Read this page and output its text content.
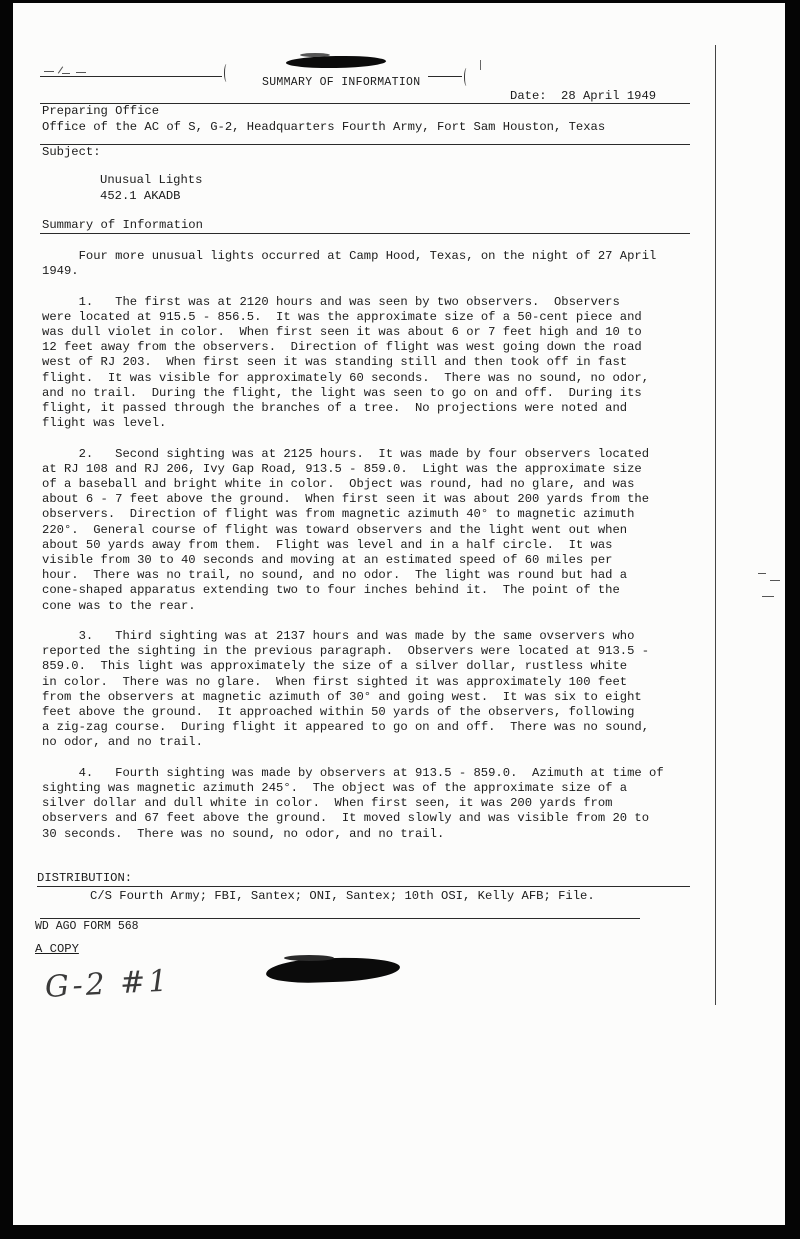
SUMMARY OF INFORMATION
Date: 28 April 1949
Preparing Office
Office of the AC of S, G-2, Headquarters Fourth Army, Fort Sam Houston, Texas
Subject:
Unusual Lights
452.1 AKADB
Summary of Information
Four more unusual lights occurred at Camp Hood, Texas, on the night of 27 April
1949.
1. The first was at 2120 hours and was seen by two observers.  Observers
were located at 915.5 - 856.5.  It was the approximate size of a 50-cent piece and
was dull violet in color.  When first seen it was about 6 or 7 feet high and 10 to
12 feet away from the observers.  Direction of flight was west going down the road
west of RJ 203.  When first seen it was standing still and then took off in fast
flight.  It was visible for approximately 60 seconds.  There was no sound, no odor,
and no trail.  During the flight, the light was seen to go on and off.  During its
flight, it passed through the branches of a tree.  No projections were noted and
flight was level.
2. Second sighting was at 2125 hours.  It was made by four observers located
at RJ 108 and RJ 206, Ivy Gap Road, 913.5 - 859.0.  Light was the approximate size
of a baseball and bright white in color.  Object was round, had no glare, and was
about 6 - 7 feet above the ground.  When first seen it was about 200 yards from the
observers.  Direction of flight was from magnetic azimuth 40° to magnetic azimuth
220°.  General course of flight was toward observers and the light went out when
about 50 yards away from them.  Flight was level and in a half circle.  It was
visible from 30 to 40 seconds and moving at an estimated speed of 60 miles per
hour.  There was no trail, no sound, and no odor.  The light was round but had a
cone-shaped apparatus extending two to four inches behind it.  The point of the
cone was to the rear.
3. Third sighting was at 2137 hours and was made by the same ovservers who
reported the sighting in the previous paragraph.  Observers were located at 913.5 -
859.0.  This light was approximately the size of a silver dollar, rustless white
in color.  There was no glare.  When first sighted it was approximately 100 feet
from the observers at magnetic azimuth of 30° and going west.  It was six to eight
feet above the ground.  It approached within 50 yards of the observers, following
a zig-zag course.  During flight it appeared to go on and off.  There was no sound,
no odor, and no trail.
4. Fourth sighting was made by observers at 913.5 - 859.0.  Azimuth at time of
sighting was magnetic azimuth 245°.  The object was of the approximate size of a
silver dollar and dull white in color.  When first seen, it was 200 yards from
observers and 67 feet above the ground.  It moved slowly and was visible from 20 to
30 seconds.  There was no sound, no odor, and no trail.
DISTRIBUTION:
C/S Fourth Army; FBI, Santex; ONI, Santex; 10th OSI, Kelly AFB; File.
WD AGO FORM 568
A COPY
G-2 #1
